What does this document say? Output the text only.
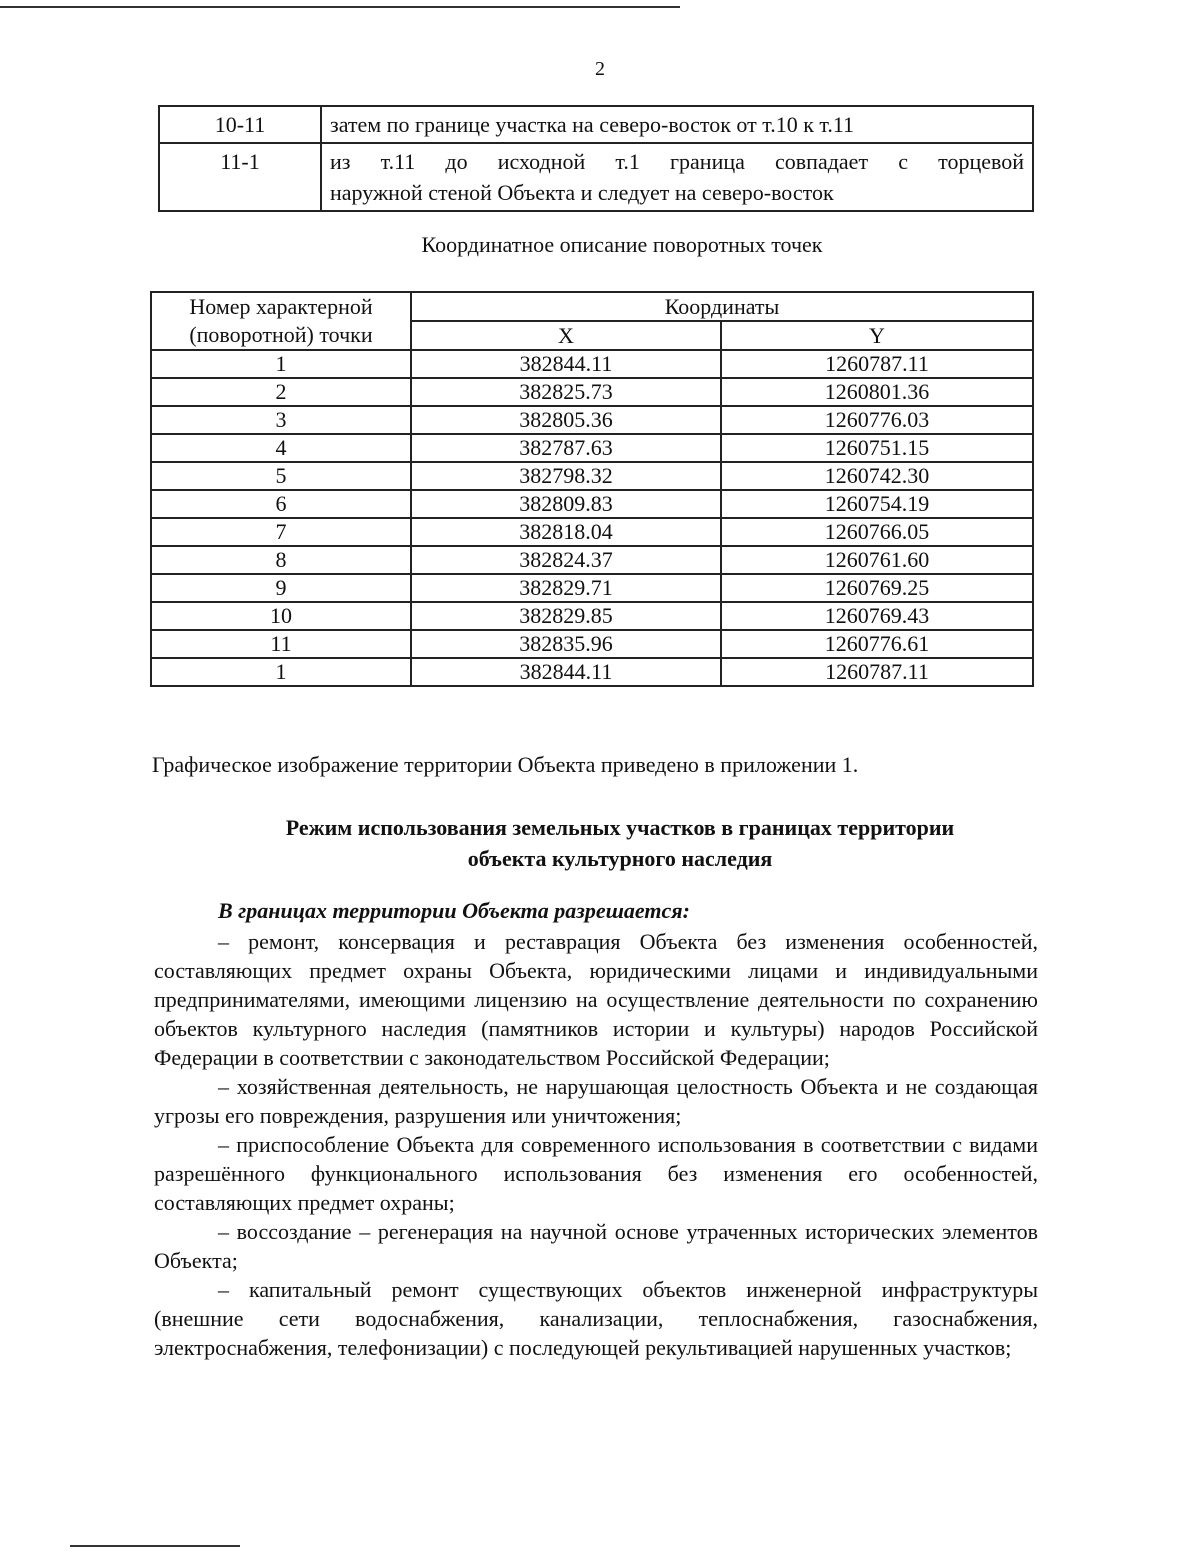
2
10-11	затем по границе участка на северо-восток от т.10 к т.11
11-1	из т.11 до исходной т.1 граница совпадает с торцевой
наружной стеной Объекта и следует на северо-восток
Координатное описание поворотных точек
Номер характерной
(поворотной) точки	Координаты	
	X	Y
1	382844.11	1260787.11
2	382825.73	1260801.36
3	382805.36	1260776.03
4	382787.63	1260751.15
5	382798.32	1260742.30
6	382809.83	1260754.19
7	382818.04	1260766.05
8	382824.37	1260761.60
9	382829.71	1260769.25
10	382829.85	1260769.43
11	382835.96	1260776.61
1	382844.11	1260787.11
Графическое изображение территории Объекта приведено в приложении 1.
Режим использования земельных участков в границах территории
объекта культурного наследия
В границах территории Объекта разрешается:

– ремонт, консервация и реставрация Объекта без изменения особенностей, составляющих предмет охраны Объекта, юридическими лицами и индивидуальными предпринимателями, имеющими лицензию на осуществление деятельности по сохранению объектов культурного наследия (памятников истории и культуры) народов Российской Федерации в соответствии с законодательством Российской Федерации;

– хозяйственная деятельность, не нарушающая целостность Объекта и не создающая угрозы его повреждения, разрушения или уничтожения;

– приспособление Объекта для современного использования в соответствии с видами разрешённого функционального использования без изменения его особенностей, составляющих предмет охраны;

– воссоздание – регенерация на научной основе утраченных исторических элементов Объекта;

– капитальный ремонт существующих объектов инженерной инфраструктуры (внешние сети водоснабжения, канализации, теплоснабжения, газоснабжения, электроснабжения, телефонизации) с последующей рекультивацией нарушенных участков;
